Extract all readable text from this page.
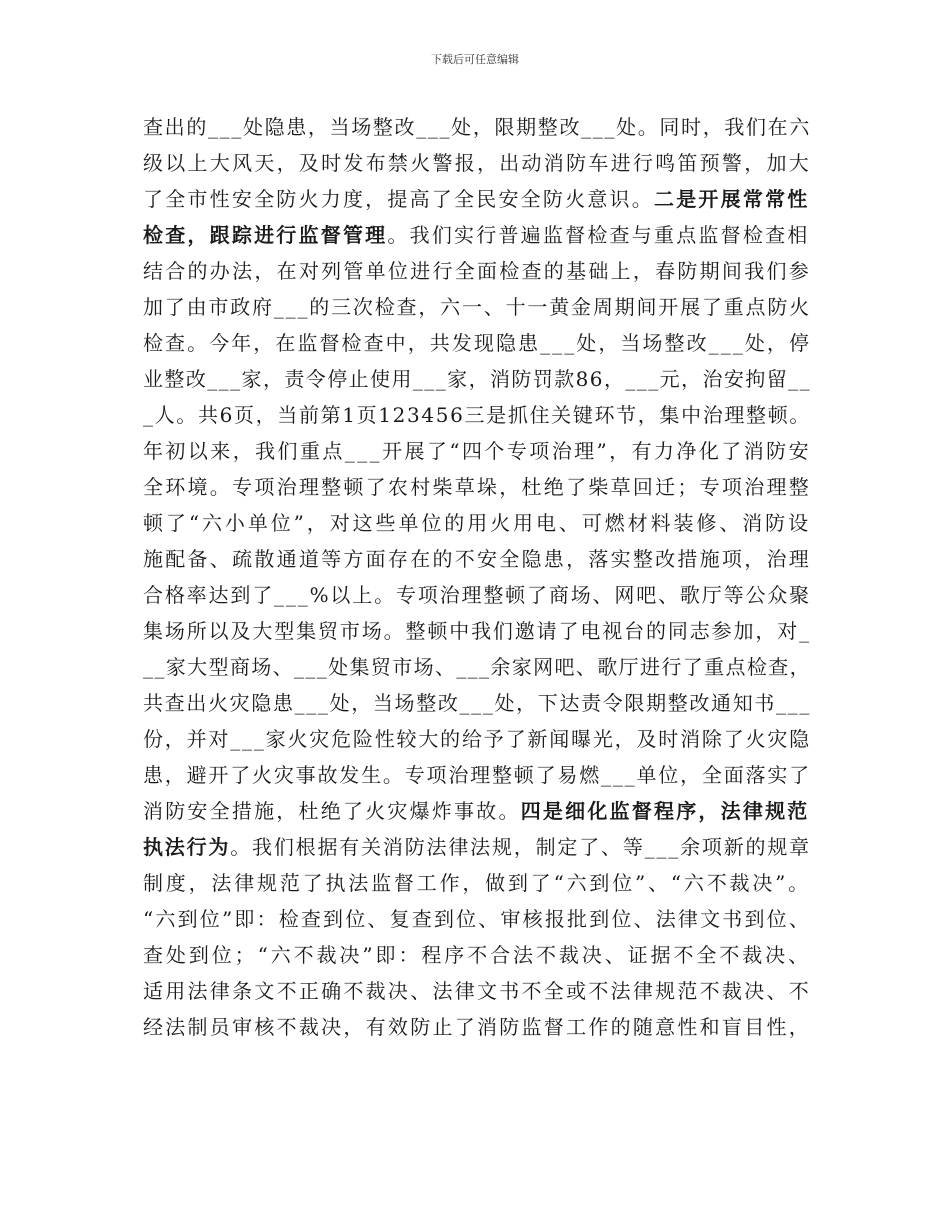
下载后可任意编辑
查出的___处隐患，当场整改___处，限期整改___处。同时，我们在六
级以上大风天，及时发布禁火警报，出动消防车进行鸣笛预警，加大
了全市性安全防火力度，提高了全民安全防火意识。二是开展常常性
检查，跟踪进行监督管理。我们实行普遍监督检查与重点监督检查相
结合的办法，在对列管单位进行全面检查的基础上，春防期间我们参
加了由市政府___的三次检查，六一、十一黄金周期间开展了重点防火
检查。今年，在监督检查中，共发现隐患___处，当场整改___处，停
业整改___家，责令停止使用___家，消防罚款86，___元，治安拘留__
_人。共6页，当前第1页123456三是抓住关键环节，集中治理整顿。
年初以来，我们重点___开展了“四个专项治理”，有力净化了消防安
全环境。专项治理整顿了农村柴草垛，杜绝了柴草回迁；专项治理整
顿了“六小单位”，对这些单位的用火用电、可燃材料装修、消防设
施配备、疏散通道等方面存在的不安全隐患，落实整改措施项，治理
合格率达到了___%以上。专项治理整顿了商场、网吧、歌厅等公众聚
集场所以及大型集贸市场。整顿中我们邀请了电视台的同志参加，对_
__家大型商场、___处集贸市场、___余家网吧、歌厅进行了重点检查，
共查出火灾隐患___处，当场整改___处，下达责令限期整改通知书___
份，并对___家火灾危险性较大的给予了新闻曝光，及时消除了火灾隐
患，避开了火灾事故发生。专项治理整顿了易燃___单位，全面落实了
消防安全措施，杜绝了火灾爆炸事故。四是细化监督程序，法律规范
执法行为。我们根据有关消防法律法规，制定了、等___余项新的规章
制度，法律规范了执法监督工作，做到了“六到位”、“六不裁决”。
“六到位”即：检查到位、复查到位、审核报批到位、法律文书到位、
查处到位；“六不裁决”即：程序不合法不裁决、证据不全不裁决、
适用法律条文不正确不裁决、法律文书不全或不法律规范不裁决、不
经法制员审核不裁决，有效防止了消防监督工作的随意性和盲目性，
